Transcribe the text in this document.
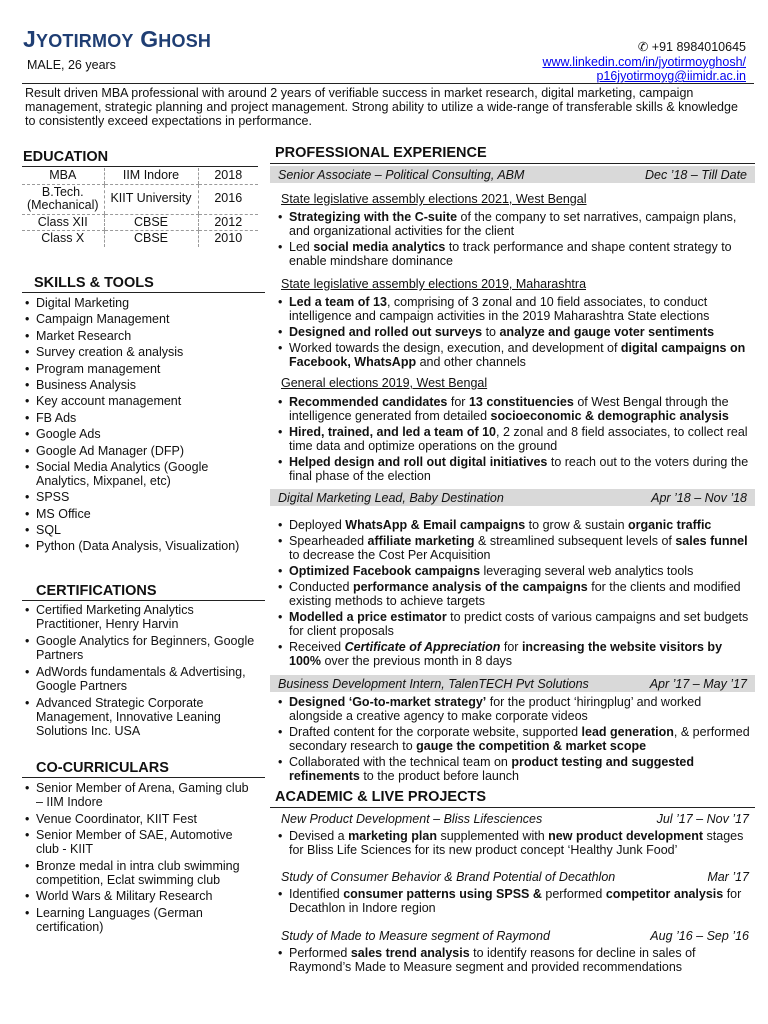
JYOTIRMOY GHOSH
MALE, 26 years
✆ +91 8984010645
www.linkedin.com/in/jyotirmoyghosh/
p16jyotirmoyg@iimidr.ac.in
Result driven MBA professional with around 2 years of verifiable success in market research, digital marketing, campaign management, strategic planning and project management. Strong ability to utilize a wide-range of transferable skills & knowledge to consistently exceed expectations in performance.
EDUCATION
MBA	IIM Indore	2018
B.Tech. (Mechanical)	KIIT University	2016
Class XII	CBSE	2012
Class X	CBSE	2010
SKILLS & TOOLS
• Digital Marketing
• Campaign Management
• Market Research
• Survey creation & analysis
• Program management
• Business Analysis
• Key account management
• FB Ads
• Google Ads
• Google Ad Manager (DFP)
• Social Media Analytics (Google Analytics, Mixpanel, etc)
• SPSS
• MS Office
• SQL
• Python (Data Analysis, Visualization)
CERTIFICATIONS
• Certified Marketing Analytics Practitioner, Henry Harvin
• Google Analytics for Beginners, Google Partners
• AdWords fundamentals & Advertising, Google Partners
• Advanced Strategic Corporate Management, Innovative Leaning Solutions Inc. USA
CO-CURRICULARS
• Senior Member of Arena, Gaming club – IIM Indore
• Venue Coordinator, KIIT Fest
• Senior Member of SAE, Automotive club - KIIT
• Bronze medal in intra club swimming competition, Eclat swimming club
• World Wars & Military Research
• Learning Languages (German certification)
PROFESSIONAL EXPERIENCE
Senior Associate – Political Consulting, ABM	Dec ’18 – Till Date
State legislative assembly elections 2021, West Bengal
• Strategizing with the C-suite of the company to set narratives, campaign plans, and organizational activities for the client
• Led social media analytics to track performance and shape content strategy to enable mindshare dominance
State legislative assembly elections 2019, Maharashtra
• Led a team of 13, comprising of 3 zonal and 10 field associates, to conduct intelligence and campaign activities in the 2019 Maharashtra State elections
• Designed and rolled out surveys to analyze and gauge voter sentiments
• Worked towards the design, execution, and development of digital campaigns on Facebook, WhatsApp and other channels
General elections 2019, West Bengal
• Recommended candidates for 13 constituencies of West Bengal through the intelligence generated from detailed socioeconomic & demographic analysis
• Hired, trained, and led a team of 10, 2 zonal and 8 field associates, to collect real time data and optimize operations on the ground
• Helped design and roll out digital initiatives to reach out to the voters during the final phase of the election
Digital Marketing Lead, Baby Destination	Apr ’18 – Nov ’18
• Deployed WhatsApp & Email campaigns to grow & sustain organic traffic
• Spearheaded affiliate marketing & streamlined subsequent levels of sales funnel to decrease the Cost Per Acquisition
• Optimized Facebook campaigns leveraging several web analytics tools
• Conducted performance analysis of the campaigns for the clients and modified existing methods to achieve targets
• Modelled a price estimator to predict costs of various campaigns and set budgets for client proposals
• Received Certificate of Appreciation for increasing the website visitors by 100% over the previous month in 8 days
Business Development Intern, TalenTECH Pvt Solutions	Apr ’17 – May ’17
• Designed ‘Go-to-market strategy’ for the product ‘hiringplug’ and worked alongside a creative agency to make corporate videos
• Drafted content for the corporate website, supported lead generation, & performed secondary research to gauge the competition & market scope
• Collaborated with the technical team on product testing and suggested refinements to the product before launch
ACADEMIC & LIVE PROJECTS
New Product Development – Bliss Lifesciences	Jul ’17 – Nov ’17
• Devised a marketing plan supplemented with new product development stages for Bliss Life Sciences for its new product concept ‘Healthy Junk Food’
Study of Consumer Behavior & Brand Potential of Decathlon	Mar ’17
• Identified consumer patterns using SPSS & performed competitor analysis for Decathlon in Indore region
Study of Made to Measure segment of Raymond	Aug ’16 – Sep ’16
• Performed sales trend analysis to identify reasons for decline in sales of Raymond’s Made to Measure segment and provided recommendations
